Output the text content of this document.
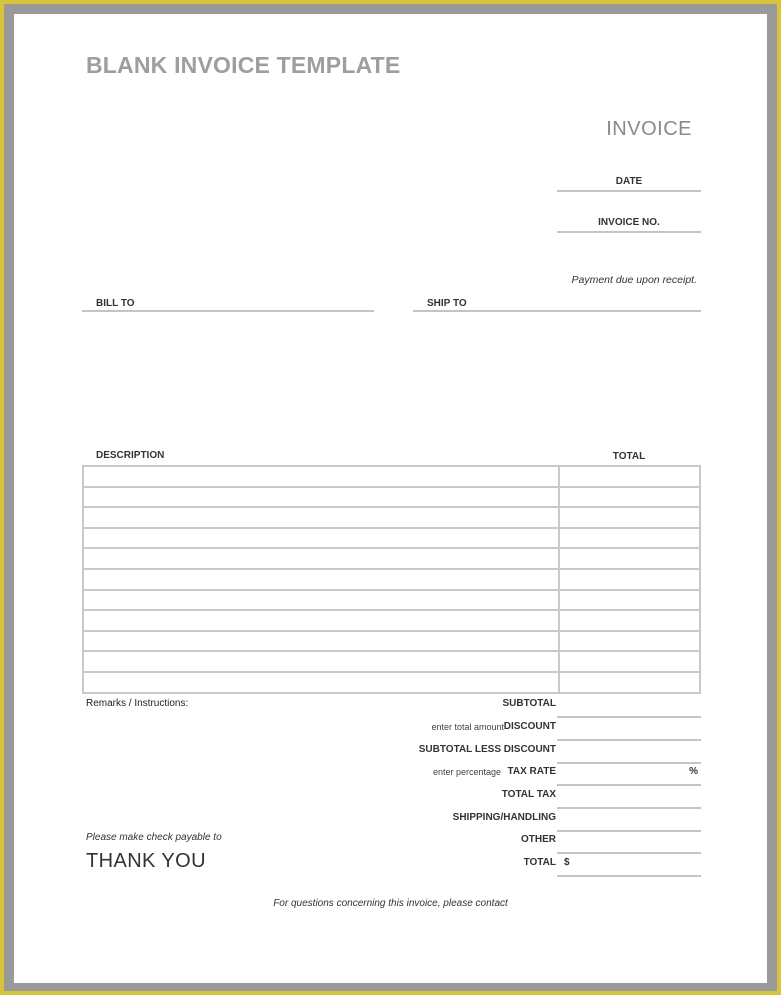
BLANK INVOICE TEMPLATE
INVOICE
DATE
INVOICE NO.
Payment due upon receipt.
BILL TO	SHIP TO
DESCRIPTION	TOTAL

Remarks / Instructions:	SUBTOTAL
enter total amount DISCOUNT
SUBTOTAL LESS DISCOUNT
enter percentage TAX RATE	%
TOTAL TAX
SHIPPING/HANDLING
OTHER
TOTAL $
Please make check payable to
THANK YOU
For questions concerning this invoice, please contact
